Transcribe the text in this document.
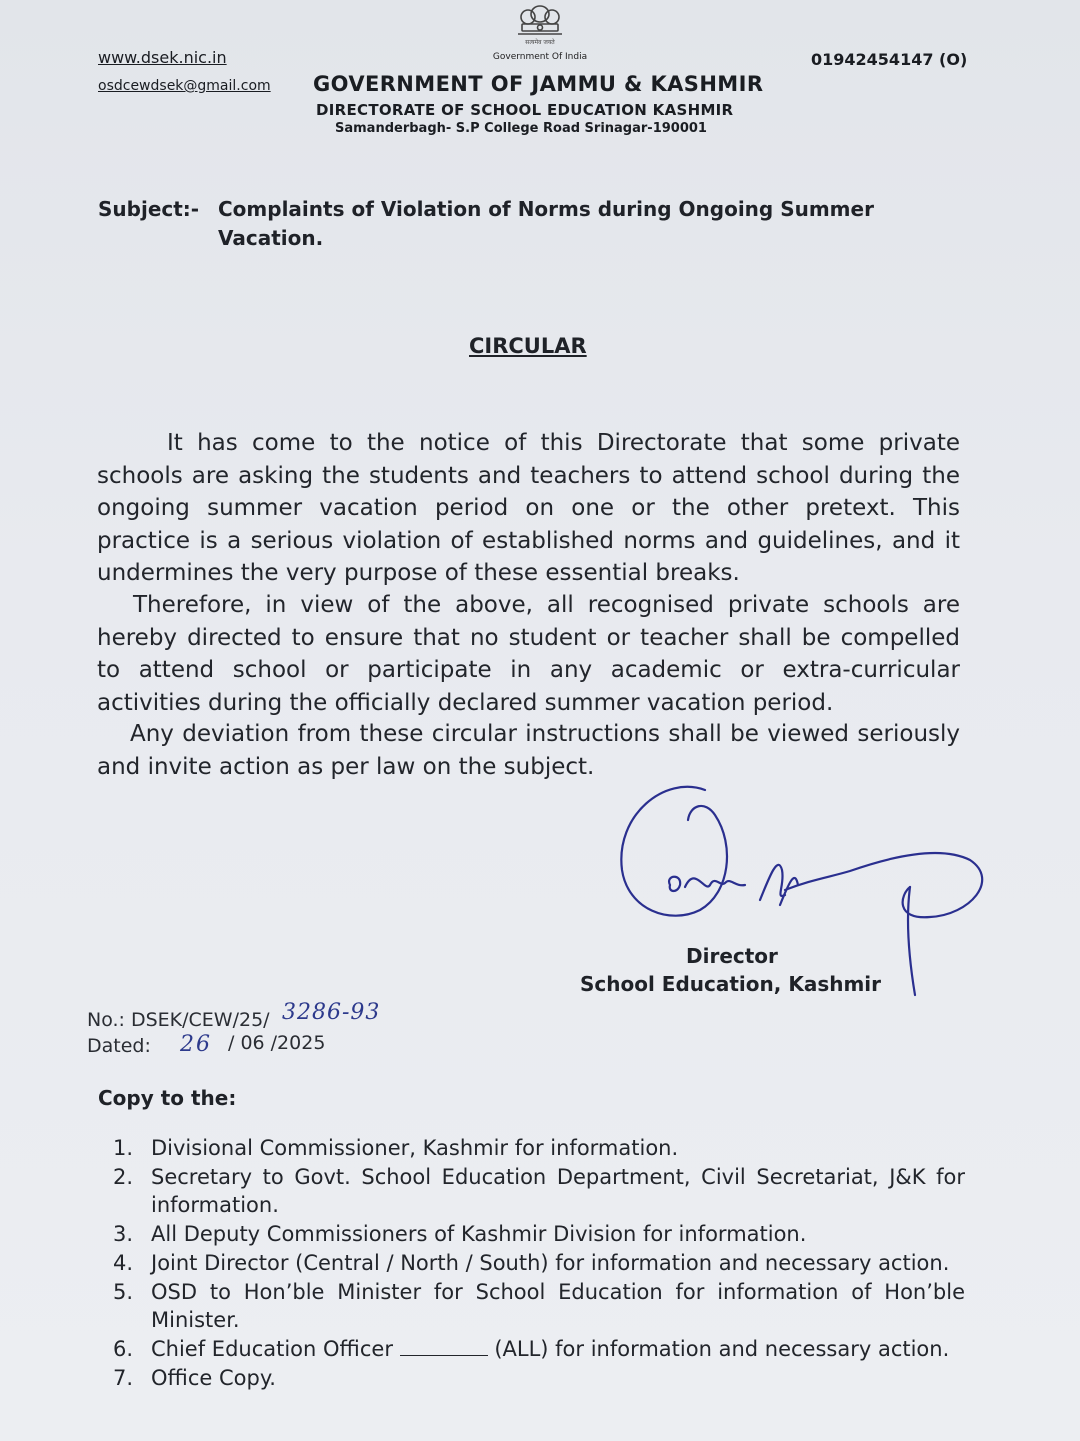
सत्यमेव जयते
Government Of India
www.dsek.nic.in
osdcewdsek@gmail.com
01942454147 (O)
GOVERNMENT OF JAMMU & KASHMIR
DIRECTORATE OF SCHOOL EDUCATION KASHMIR
Samanderbagh- S.P College Road Srinagar-190001
Subject:- Complaints of Violation of Norms during Ongoing Summer Vacation.
CIRCULAR
It has come to the notice of this Directorate that some private schools are asking the students and teachers to attend school during the ongoing summer vacation period on one or the other pretext. This practice is a serious violation of established norms and guidelines, and it undermines the very purpose of these essential breaks.
Therefore, in view of the above, all recognised private schools are hereby directed to ensure that no student or teacher shall be compelled to attend school or participate in any academic or extra-curricular activities during the officially declared summer vacation period.
Any deviation from these circular instructions shall be viewed seriously and invite action as per law on the subject.
Director
School Education, Kashmir
No.: DSEK/CEW/25/ 3286-93
Dated: 26 / 06 /2025
Copy to the:
1. Divisional Commissioner, Kashmir for information.
2. Secretary to Govt. School Education Department, Civil Secretariat, J&K for information.
3. All Deputy Commissioners of Kashmir Division for information.
4. Joint Director (Central / North / South) for information and necessary action.
5. OSD to Hon’ble Minister for School Education for information of Hon’ble Minister.
6. Chief Education Officer	(ALL) for information and necessary action.
7. Office Copy.
